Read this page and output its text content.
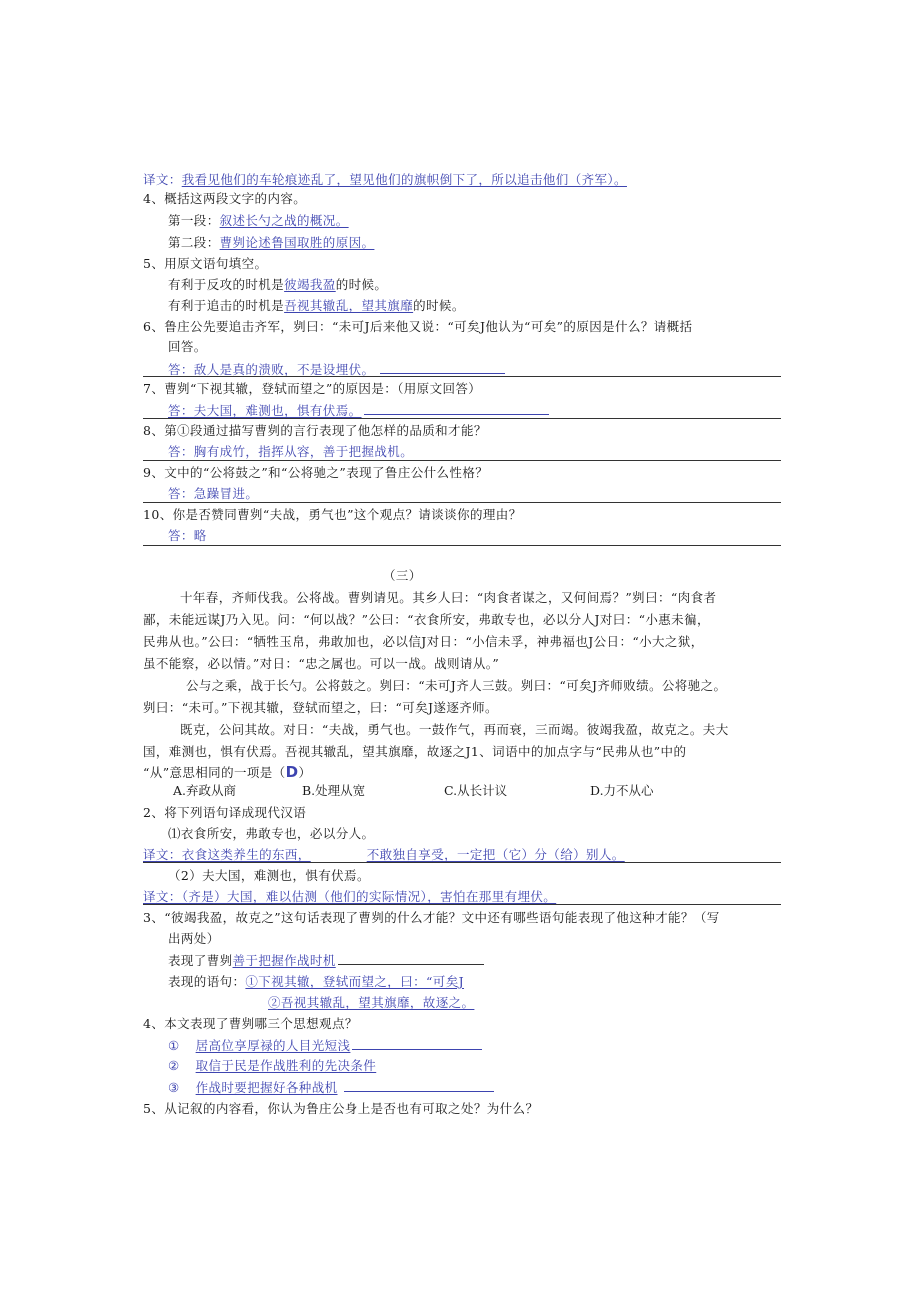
译文：我看见他们的车轮痕迹乱了，望见他们的旗帜倒下了，所以追击他们（齐军）。
4、概括这两段文字的内容。
第一段：叙述长勺之战的概况。
第二段：曹刿论述鲁国取胜的原因。
5、用原文语句填空。
有利于反攻的时机是彼竭我盈的时候。
有利于追击的时机是吾视其辙乱，望其旗靡的时候。
6、鲁庄公先要追击齐军，刿曰：“未可J后来他又说：“可矣J他认为“可矣”的原因是什么？请概括
回答。
答：敌人是真的溃败，不是设埋伏。
7、曹刿“下视其辙，登轼而望之”的原因是：（用原文回答）
答：夫大国，难测也，惧有伏焉。
8、第①段通过描写曹刿的言行表现了他怎样的品质和才能？
答：胸有成竹，指挥从容，善于把握战机。
9、文中的“公将鼓之”和“公将驰之”表现了鲁庄公什么性格？
答：急躁冒进。
10、你是否赞同曹刿“夫战，勇气也”这个观点？请谈谈你的理由？
答：略
（三）
十年春，齐师伐我。公将战。曹刿请见。其乡人曰：“肉食者谋之，又何间焉？”刿曰：“肉食者
鄙，未能远谋J乃入见。问：“何以战？”公曰：“衣食所安，弗敢专也，必以分人J对曰：“小惠未徧，
民弗从也。”公曰：“牺牲玉帛，弗敢加也，必以信J对日：“小信未孚，神弗福也J公日：“小大之狱，
虽不能察，必以情。”对日：“忠之属也。可以一战。战则请从。”
公与之乘，战于长勺。公将鼓之。刿曰：“未可J齐人三鼓。刿曰：“可矣J齐师败绩。公将驰之。
刿曰：“未可。”下视其辙，登轼而望之，曰：“可矣J遂逐齐师。
既克，公问其故。对日：“夫战，勇气也。一鼓作气，再而衰，三而竭。彼竭我盈，故克之。夫大
国，难测也，惧有伏焉。吾视其辙乱，望其旗靡，故逐之J1、词语中的加点字与“民弗从也”中的
“从”意思相同的一项是（D）
A.弃政从商	B.处理从宽	C.从长计议	D.力不从心
2、将下列语句译成现代汉语
⑴衣食所安，弗敢专也，必以分人。
译文：衣食这类养生的东西，	不敢独自享受，一定把（它）分（给）别人。
（2）夫大国，难测也，惧有伏焉。
译文：（齐是）大国，难以估测（他们的实际情况），害怕在那里有埋伏。
3、“彼竭我盈，故克之”这句话表现了曹刿的什么才能？文中还有哪些语句能表现了他这种才能？（写
出两处）
表现了曹刿善于把握作战时机
表现的语句：①下视其辙，登轼而望之，曰：“可矣J
②吾视其辙乱，望其旗靡，故逐之。
4、本文表现了曹刿哪三个思想观点？
① 居高位享厚禄的人目光短浅
② 取信于民是作战胜利的先决条件
③ 作战时要把握好各种战机
5、从记叙的内容看，你认为鲁庄公身上是否也有可取之处？为什么？
